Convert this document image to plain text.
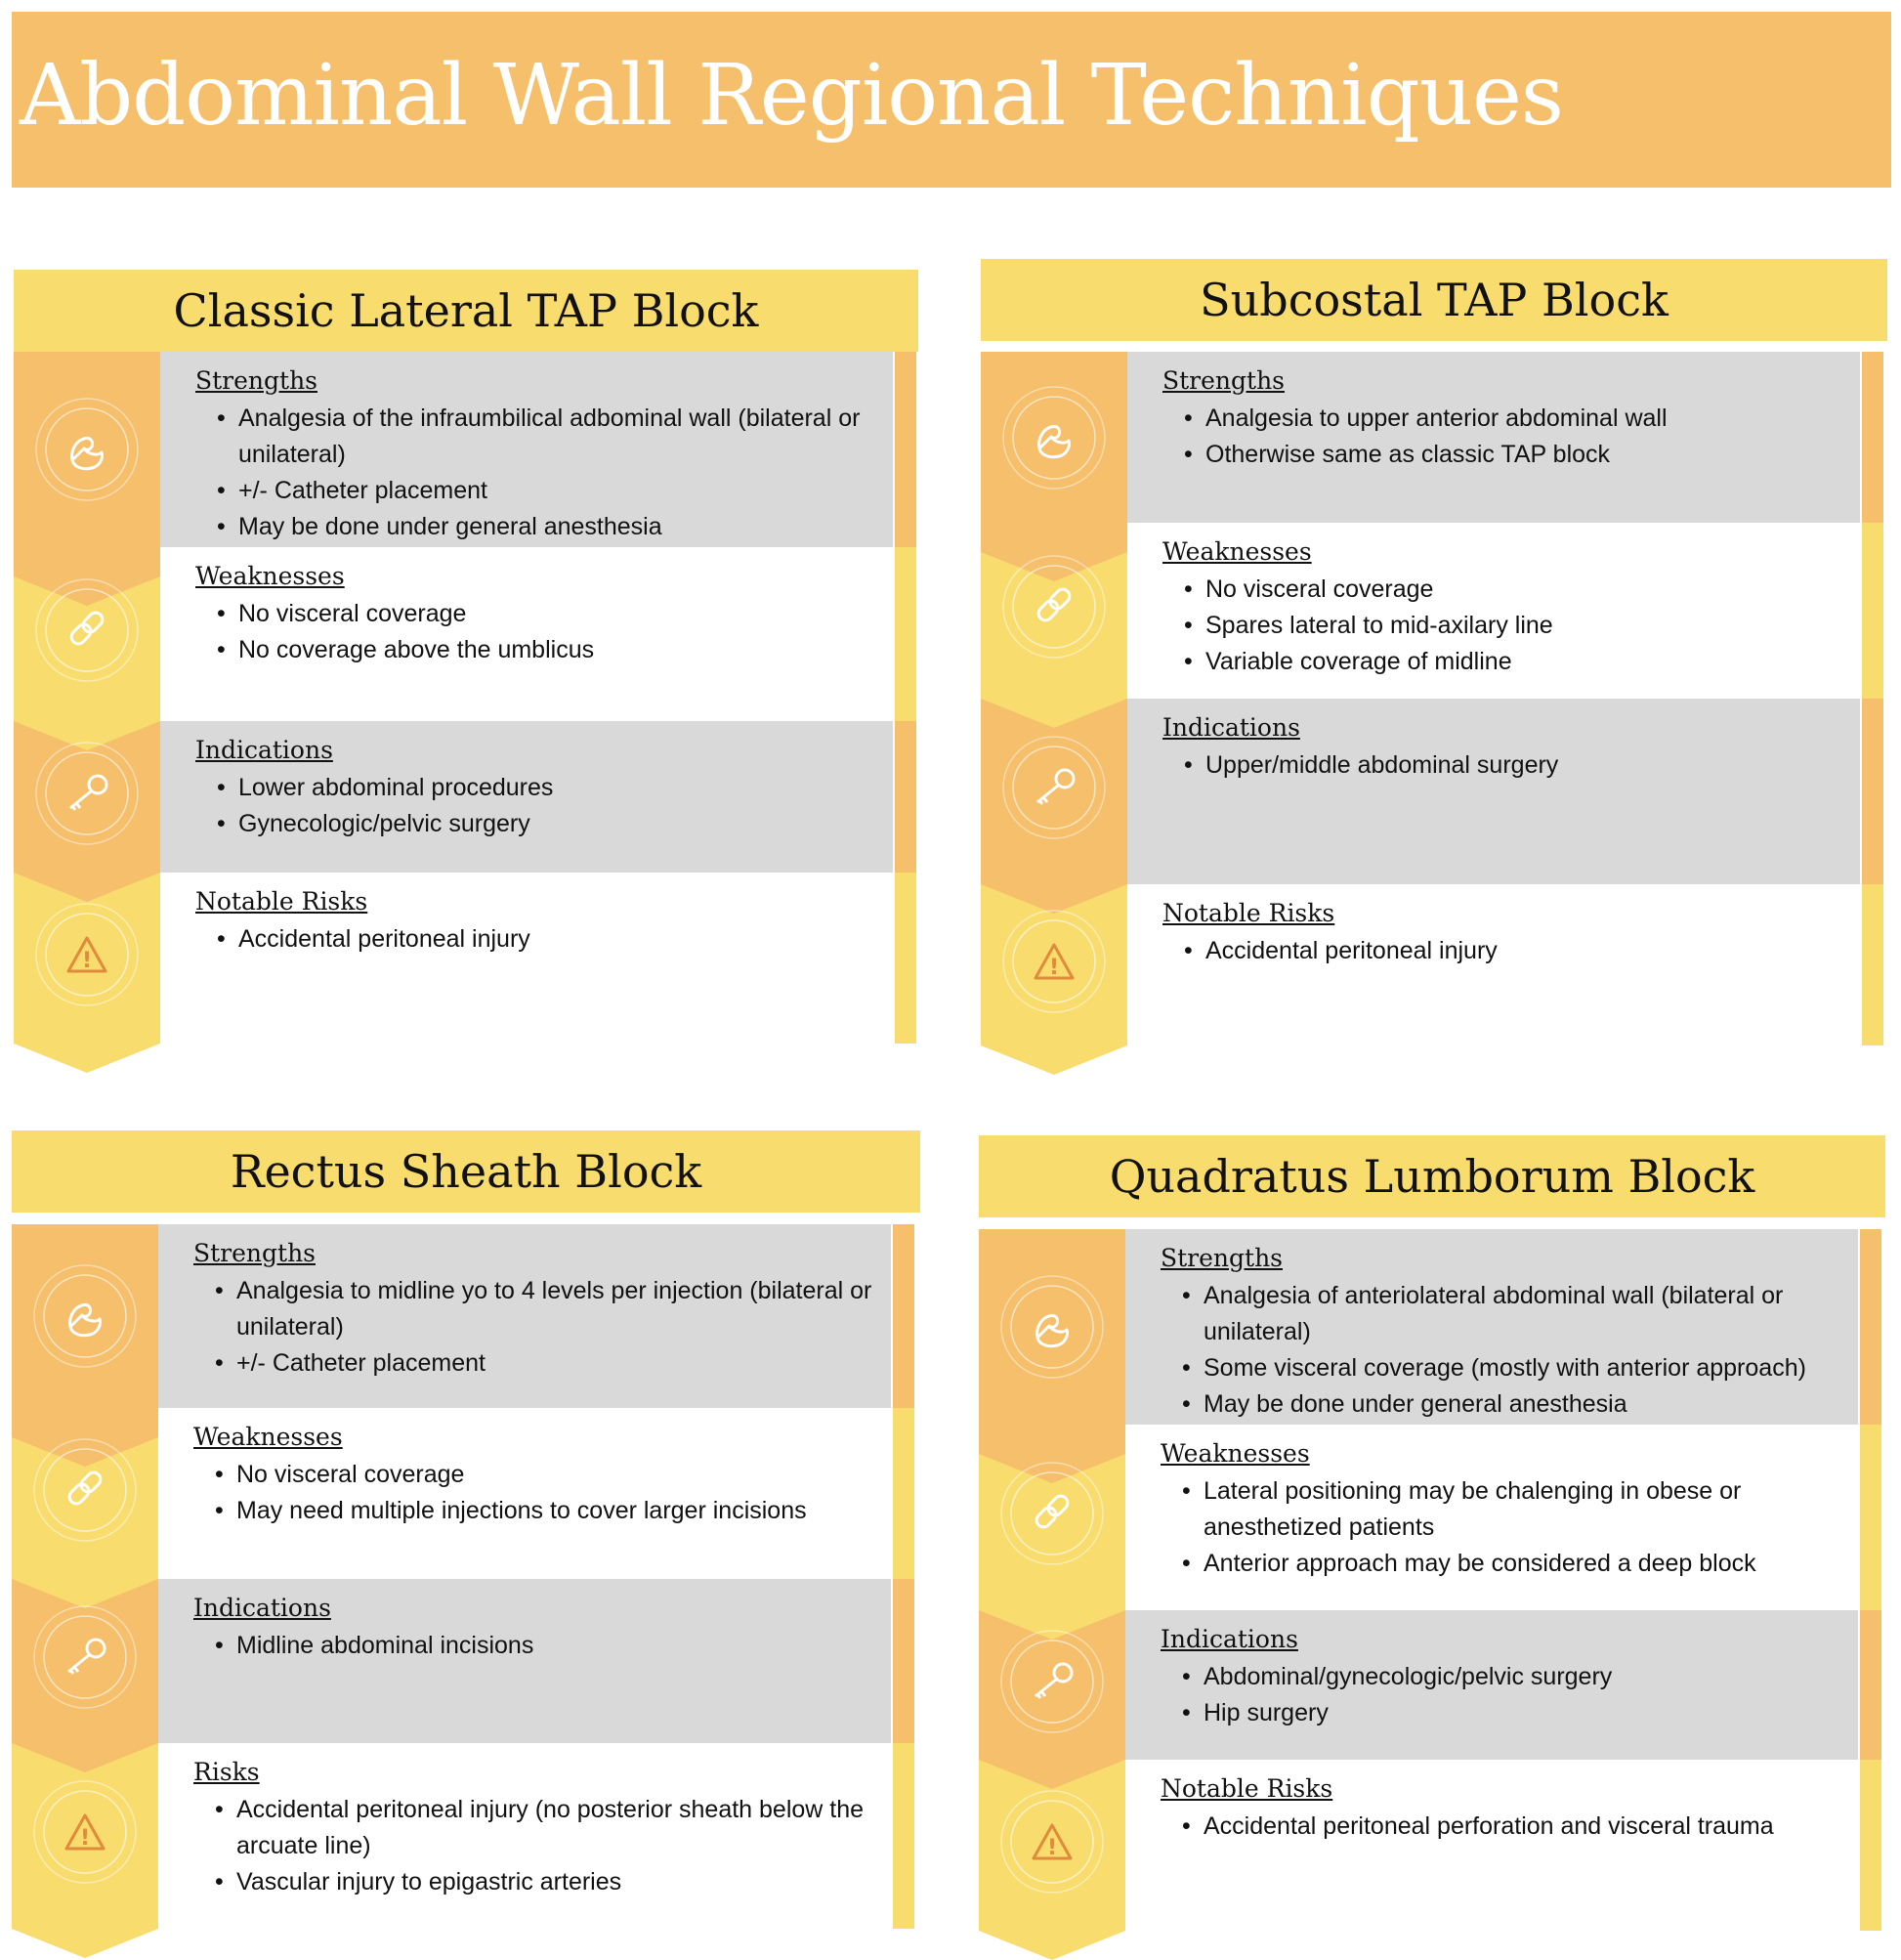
Abdominal Wall Regional Techniques
Classic Lateral TAP Block
Strengths
• Analgesia of the infraumbilical adbominal wall (bilateral or unilateral)
• +/- Catheter placement
• May be done under general anesthesia
Weaknesses
• No visceral coverage
• No coverage above the umblicus
Indications
• Lower abdominal procedures
• Gynecologic/pelvic surgery
!
Notable Risks
• Accidental peritoneal injury
Subcostal TAP Block
Strengths
• Analgesia to upper anterior abdominal wall
• Otherwise same as classic TAP block
Weaknesses
• No visceral coverage
• Spares lateral to mid-axilary line
• Variable coverage of midline
Indications
• Upper/middle abdominal surgery
!
Notable Risks
• Accidental peritoneal injury
Rectus Sheath Block
Strengths
• Analgesia to midline yo to 4 levels per injection (bilateral or unilateral)
• +/- Catheter placement
Weaknesses
• No visceral coverage
• May need multiple injections to cover larger incisions
Indications
• Midline abdominal incisions
!
Risks
• Accidental peritoneal injury (no posterior sheath below the arcuate line)
• Vascular injury to epigastric arteries
Quadratus Lumborum Block
Strengths
• Analgesia of anteriolateral abdominal wall (bilateral or unilateral)
• Some visceral coverage (mostly with anterior approach)
• May be done under general anesthesia
Weaknesses
• Lateral positioning may be chalenging in obese or anesthetized patients
• Anterior approach may be considered a deep block
Indications
• Abdominal/gynecologic/pelvic surgery
• Hip surgery
!
Notable Risks
• Accidental peritoneal perforation and visceral trauma
